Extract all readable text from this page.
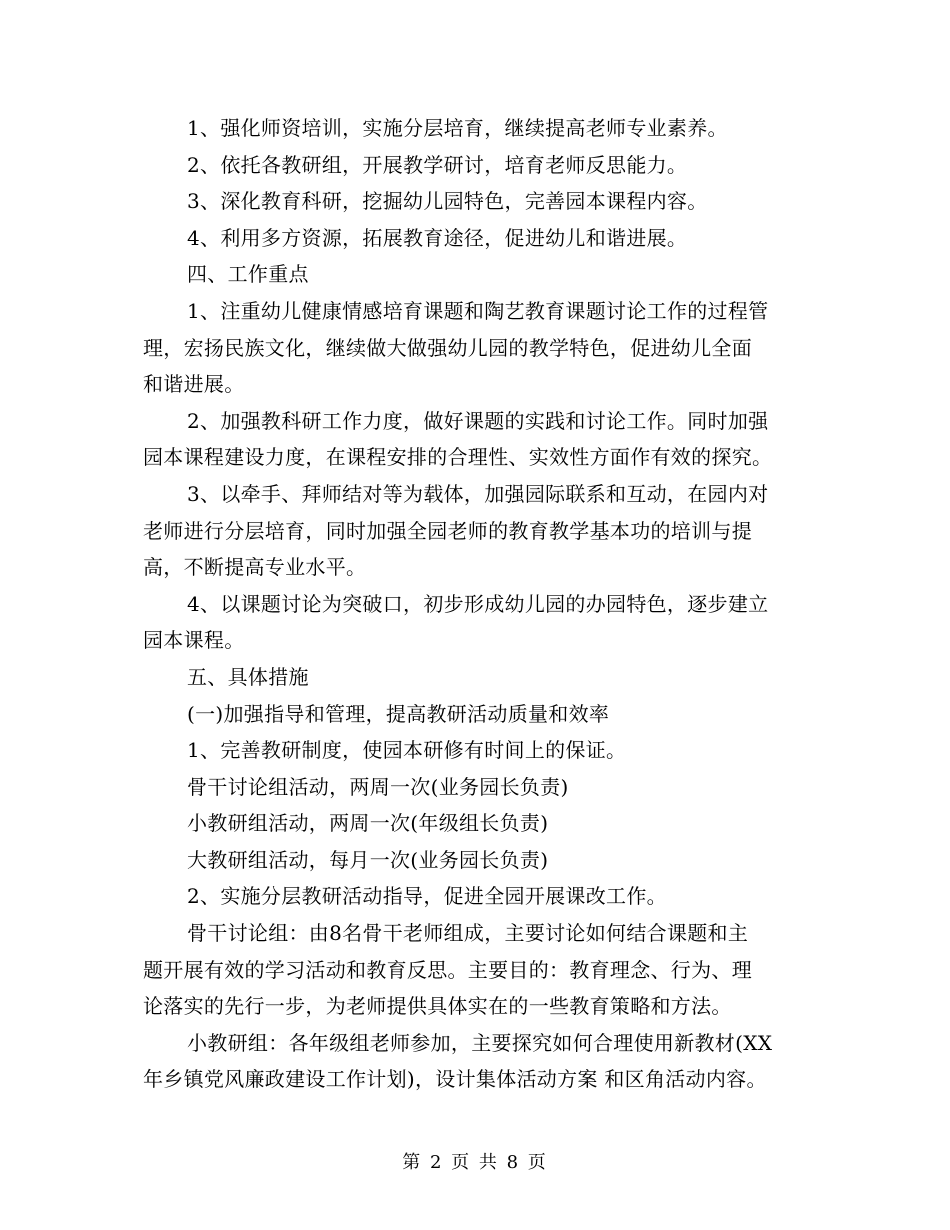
1、强化师资培训，实施分层培育，继续提高老师专业素养。
2、依托各教研组，开展教学研讨，培育老师反思能力。
3、深化教育科研，挖掘幼儿园特色，完善园本课程内容。
4、利用多方资源，拓展教育途径，促进幼儿和谐进展。
四、工作重点
1、注重幼儿健康情感培育课题和陶艺教育课题讨论工作的过程管
理，宏扬民族文化，继续做大做强幼儿园的教学特色，促进幼儿全面
和谐进展。
2、加强教科研工作力度，做好课题的实践和讨论工作。同时加强
园本课程建设力度，在课程安排的合理性、实效性方面作有效的探究。
3、以牵手、拜师结对等为载体，加强园际联系和互动，在园内对
老师进行分层培育，同时加强全园老师的教育教学基本功的培训与提
高，不断提高专业水平。
4、以课题讨论为突破口，初步形成幼儿园的办园特色，逐步建立
园本课程。
五、具体措施
(一)加强指导和管理，提高教研活动质量和效率
1、完善教研制度，使园本研修有时间上的保证。
骨干讨论组活动，两周一次(业务园长负责)
小教研组活动，两周一次(年级组长负责)
大教研组活动，每月一次(业务园长负责)
2、实施分层教研活动指导，促进全园开展课改工作。
骨干讨论组：由8名骨干老师组成，主要讨论如何结合课题和主
题开展有效的学习活动和教育反思。主要目的：教育理念、行为、理
论落实的先行一步，为老师提供具体实在的一些教育策略和方法。
小教研组：各年级组老师参加，主要探究如何合理使用新教材(XX
年乡镇党风廉政建设工作计划)，设计集体活动方案 和区角活动内容。
第 2 页 共 8 页
